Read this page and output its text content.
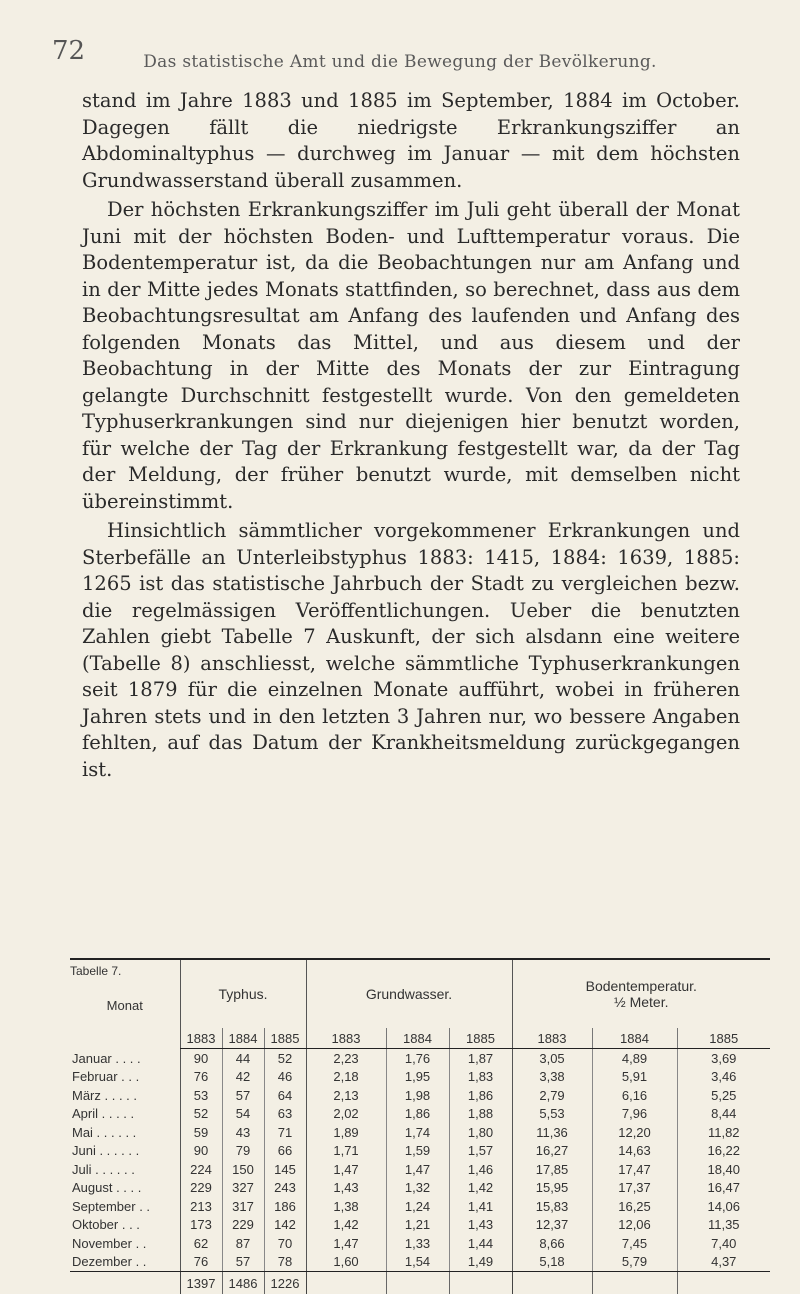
72	Das statistische Amt und die Bewegung der Bevölkerung.

stand im Jahre 1883 und 1885 im September, 1884 im October. Dagegen fällt die niedrigste Erkrankungsziffer an Abdominaltyphus — durchweg im Januar — mit dem höchsten Grundwasserstand überall zusammen.

Der höchsten Erkrankungsziffer im Juli geht überall der Monat Juni mit der höchsten Boden- und Lufttemperatur voraus. Die Bodentemperatur ist, da die Beobachtungen nur am Anfang und in der Mitte jedes Monats stattfinden, so berechnet, dass aus dem Beobachtungsresultat am Anfang des laufenden und Anfang des folgenden Monats das Mittel, und aus diesem und der Beobachtung in der Mitte des Monats der zur Eintragung gelangte Durchschnitt festgestellt wurde. Von den gemeldeten Typhuserkrankungen sind nur diejenigen hier benutzt worden, für welche der Tag der Erkrankung festgestellt war, da der Tag der Meldung, der früher benutzt wurde, mit demselben nicht übereinstimmt.

Hinsichtlich sämmtlicher vorgekommener Erkrankungen und Sterbefälle an Unterleibstyphus 1883: 1415, 1884: 1639, 1885: 1265 ist das statistische Jahrbuch der Stadt zu vergleichen bezw. die regelmässigen Veröffentlichungen. Ueber die benutzten Zahlen giebt Tabelle 7 Auskunft, der sich alsdann eine weitere (Tabelle 8) anschliesst, welche sämmtliche Typhuserkrankungen seit 1879 für die einzelnen Monate aufführt, wobei in früheren Jahren stets und in den letzten 3 Jahren nur, wo bessere Angaben fehlten, auf das Datum der Krankheitsmeldung zurückgegangen ist.

Tabelle 7.
Monat	Typhus.			Grundwasser.			Bodentemperatur.
½ Meter.		
	1883	1884	1885	1883	1884	1885	1883	1884	1885
Januar . . . .	90	44	52	2,23	1,76	1,87	3,05	4,89	3,69
Februar . . .	76	42	46	2,18	1,95	1,83	3,38	5,91	3,46
März . . . . .	53	57	64	2,13	1,98	1,86	2,79	6,16	5,25
April . . . . .	52	54	63	2,02	1,86	1,88	5,53	7,96	8,44
Mai . . . . . .	59	43	71	1,89	1,74	1,80	11,36	12,20	11,82
Juni . . . . . .	90	79	66	1,71	1,59	1,57	16,27	14,63	16,22
Juli . . . . . .	224	150	145	1,47	1,47	1,46	17,85	17,47	18,40
August . . . .	229	327	243	1,43	1,32	1,42	15,95	17,37	16,47
September . .	213	317	186	1,38	1,24	1,41	15,83	16,25	14,06
Oktober . . .	173	229	142	1,42	1,21	1,43	12,37	12,06	11,35
November . .	62	87	70	1,47	1,33	1,44	8,66	7,45	7,40
Dezember . .	76	57	78	1,60	1,54	1,49	5,18	5,79	4,37
	1397	1486	1226						
